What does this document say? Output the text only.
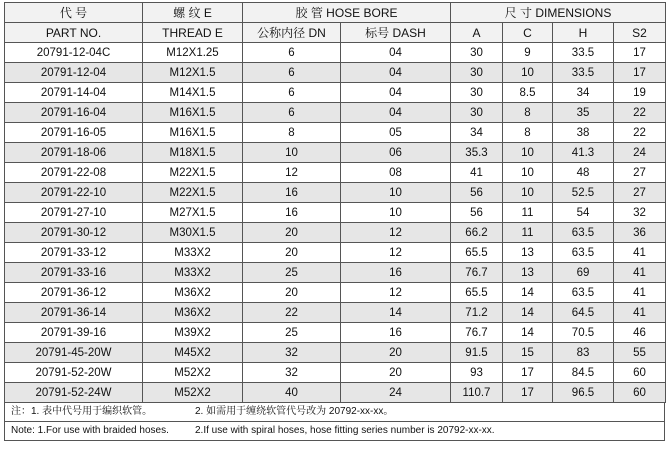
代 号	螺 纹 E	胶 管 HOSE BORE		尺 寸 DIMENSIONS			
PART NO.	THREAD E	公称内径 DN	标号 DASH	A	C	H	S2
20791-12-04C	M12X1.25	6	04	30	9	33.5	17
20791-12-04	M12X1.5	6	04	30	10	33.5	17
20791-14-04	M14X1.5	6	04	30	8.5	34	19
20791-16-04	M16X1.5	6	04	30	8	35	22
20791-16-05	M16X1.5	8	05	34	8	38	22
20791-18-06	M18X1.5	10	06	35.3	10	41.3	24
20791-22-08	M22X1.5	12	08	41	10	48	27
20791-22-10	M22X1.5	16	10	56	10	52.5	27
20791-27-10	M27X1.5	16	10	56	11	54	32
20791-30-12	M30X1.5	20	12	66.2	11	63.5	36
20791-33-12	M33X2	20	12	65.5	13	63.5	41
20791-33-16	M33X2	25	16	76.7	13	69	41
20791-36-12	M36X2	20	12	65.5	14	63.5	41
20791-36-14	M36X2	22	14	71.2	14	64.5	41
20791-39-16	M39X2	25	16	76.7	14	70.5	46
20791-45-20W	M45X2	32	20	91.5	15	83	55
20791-52-20W	M52X2	32	20	93	17	84.5	60
20791-52-24W	M52X2	40	24	110.7	17	96.5	60
注：1. 表中代号用于编织软管。	2. 如需用于缠绕软管代号改为 20792-xx-xx。
Note: 1.For use with braided hoses.	2.If use with spiral hoses, hose fitting series number is 20792-xx-xx.
